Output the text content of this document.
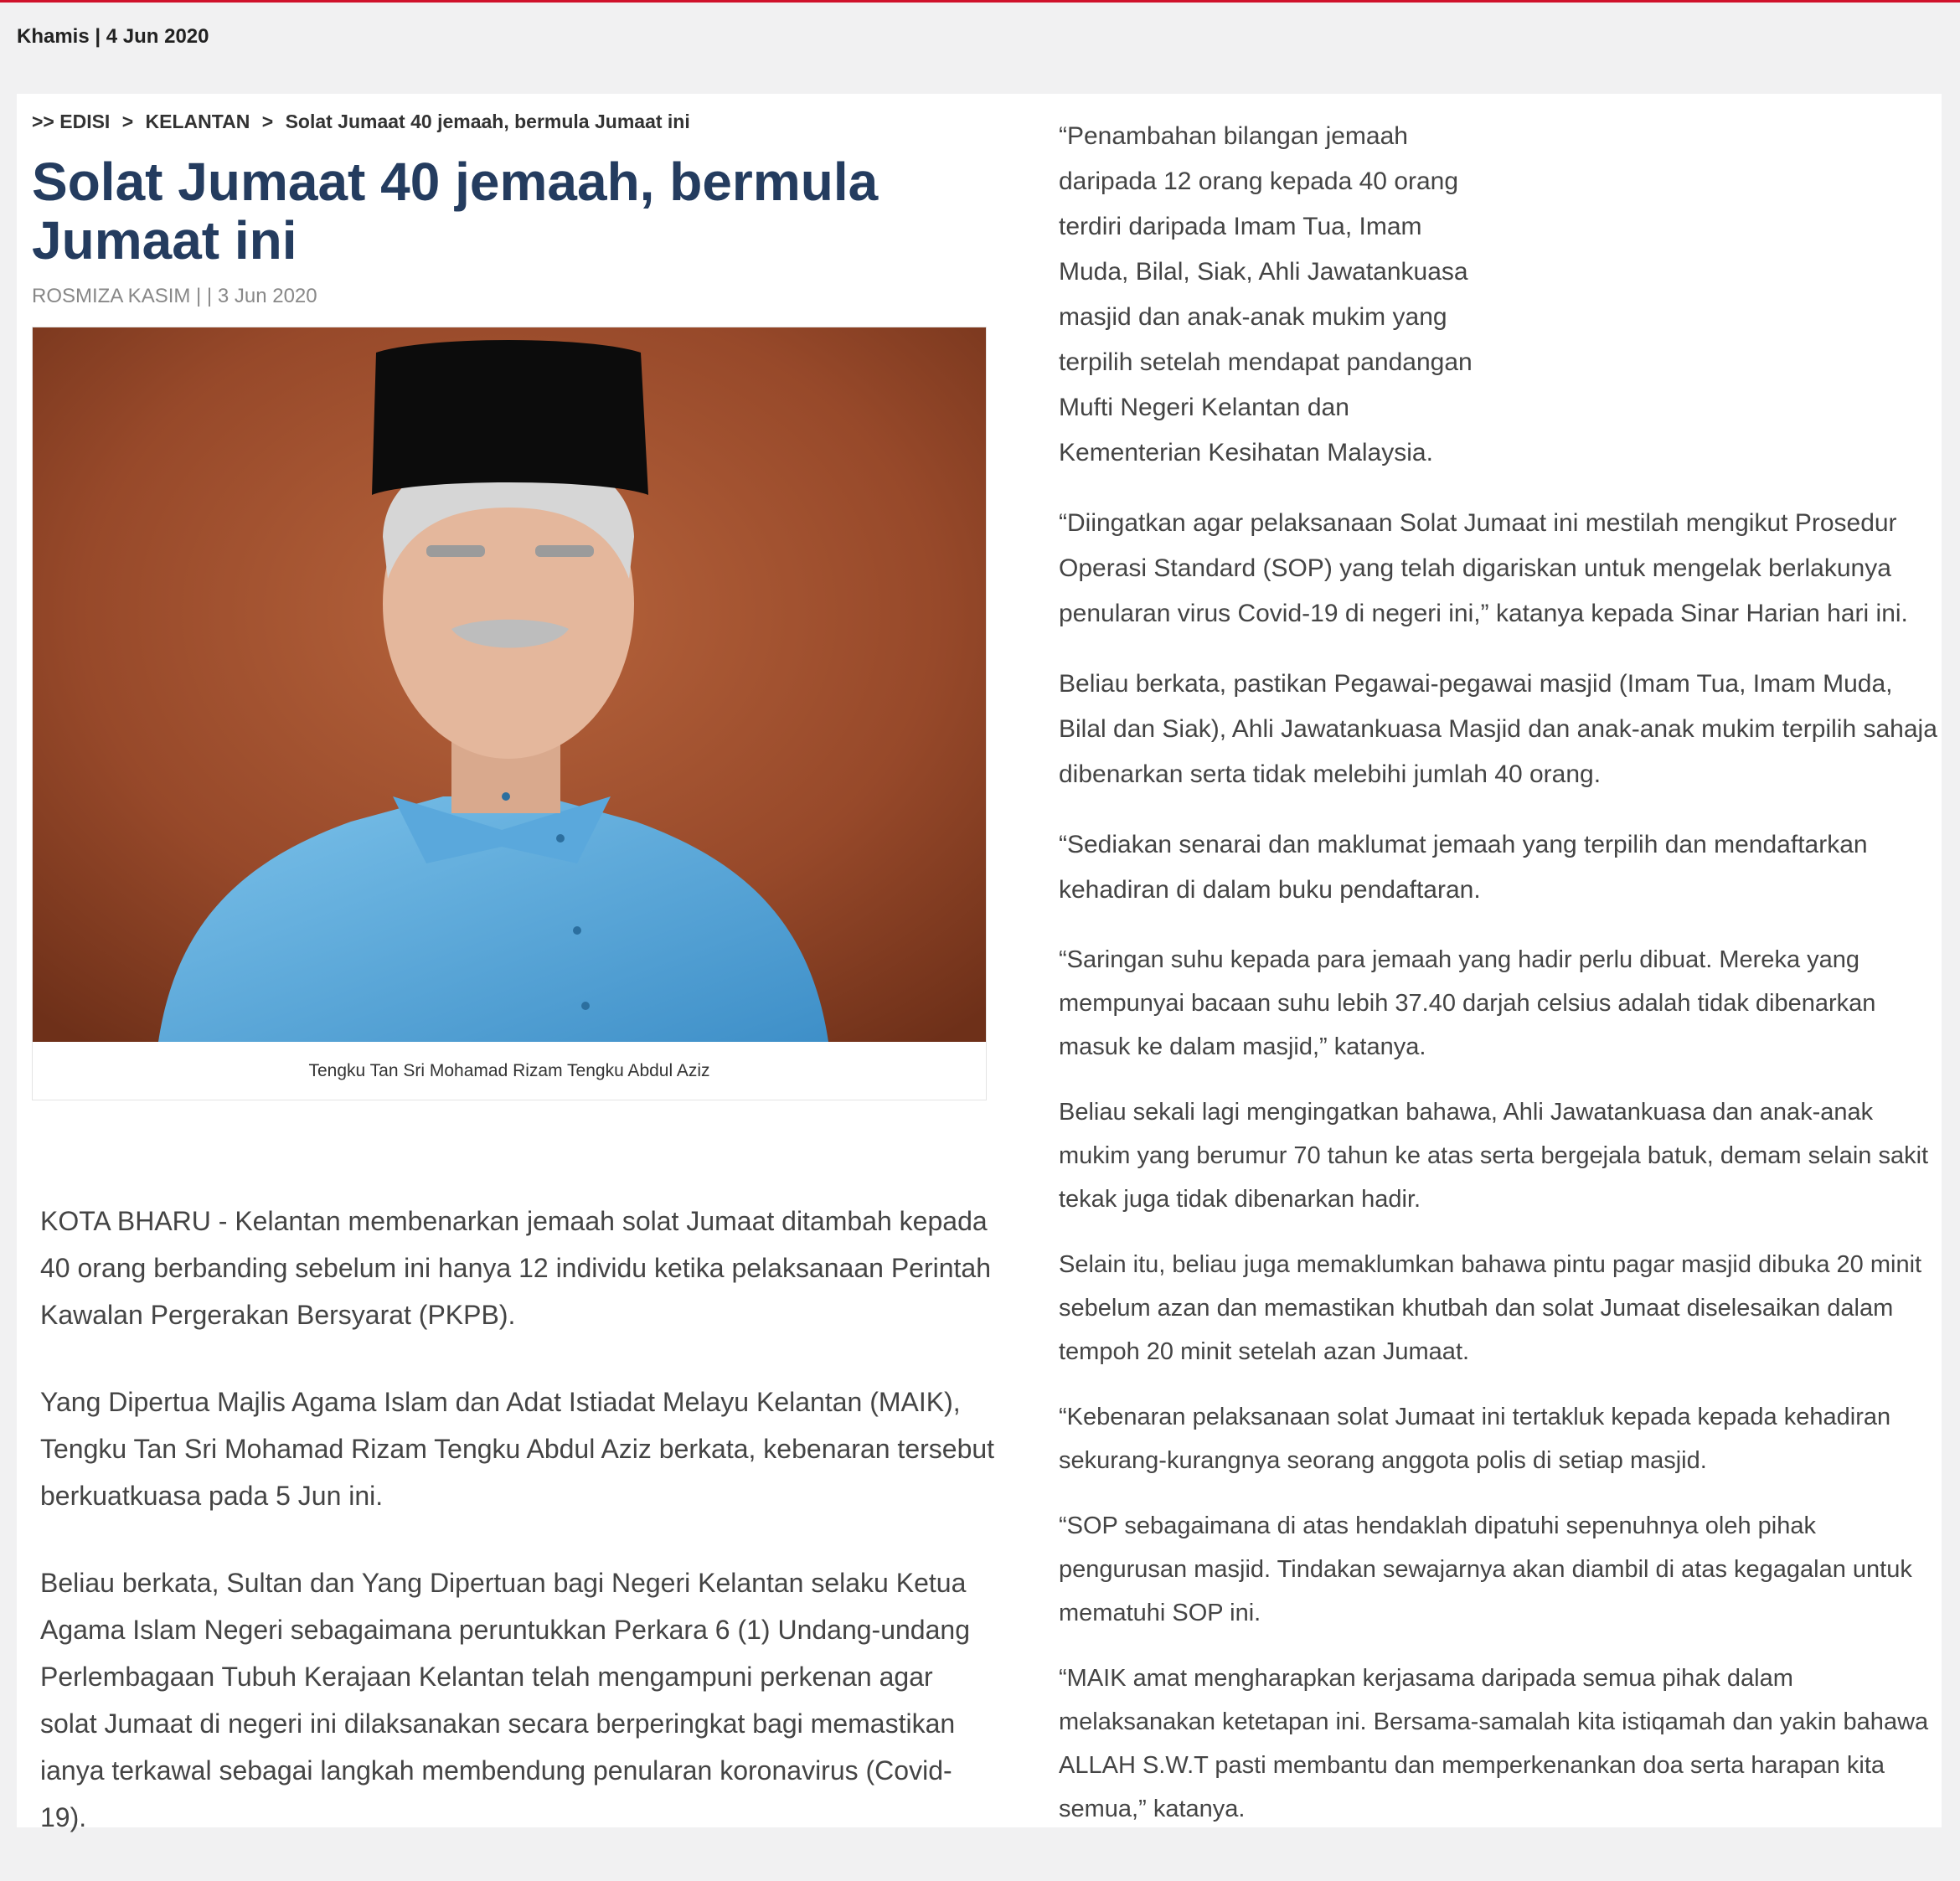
Khamis | 4 Jun 2020
>> EDISI > KELANTAN > Solat Jumaat 40 jemaah, bermula Jumaat ini
Solat Jumaat 40 jemaah, bermula Jumaat ini
ROSMIZA KASIM | | 3 Jun 2020
Tengku Tan Sri Mohamad Rizam Tengku Abdul Aziz

KOTA BHARU - Kelantan membenarkan jemaah solat Jumaat ditambah kepada 40 orang berbanding sebelum ini hanya 12 individu ketika pelaksanaan Perintah Kawalan Pergerakan Bersyarat (PKPB).

Yang Dipertua Majlis Agama Islam dan Adat Istiadat Melayu Kelantan (MAIK), Tengku Tan Sri Mohamad Rizam Tengku Abdul Aziz berkata, kebenaran tersebut berkuatkuasa pada 5 Jun ini.

Beliau berkata, Sultan dan Yang Dipertuan bagi Negeri Kelantan selaku Ketua Agama Islam Negeri sebagaimana peruntukkan Perkara 6 (1) Undang-undang Perlembagaan Tubuh Kerajaan Kelantan telah mengampuni perkenan agar solat Jumaat di negeri ini dilaksanakan secara berperingkat bagi memastikan ianya terkawal sebagai langkah membendung penularan koronavirus (Covid-19).

“Penambahan bilangan jemaah daripada 12 orang kepada 40 orang terdiri daripada Imam Tua, Imam Muda, Bilal, Siak, Ahli Jawatankuasa masjid dan anak-anak mukim yang terpilih setelah mendapat pandangan Mufti Negeri Kelantan dan Kementerian Kesihatan Malaysia.

“Diingatkan agar pelaksanaan Solat Jumaat ini mestilah mengikut Prosedur Operasi Standard (SOP) yang telah digariskan untuk mengelak berlakunya penularan virus Covid-19 di negeri ini,” katanya kepada Sinar Harian hari ini.

Beliau berkata, pastikan Pegawai-pegawai masjid (Imam Tua, Imam Muda, Bilal dan Siak), Ahli Jawatankuasa Masjid dan anak-anak mukim terpilih sahaja dibenarkan serta tidak melebihi jumlah 40 orang.

“Sediakan senarai dan maklumat jemaah yang terpilih dan mendaftarkan kehadiran di dalam buku pendaftaran.

“Saringan suhu kepada para jemaah yang hadir perlu dibuat. Mereka yang mempunyai bacaan suhu lebih 37.40 darjah celsius adalah tidak dibenarkan masuk ke dalam masjid,” katanya.

Beliau sekali lagi mengingatkan bahawa, Ahli Jawatankuasa dan anak-anak mukim yang berumur 70 tahun ke atas serta bergejala batuk, demam selain sakit tekak juga tidak dibenarkan hadir.

Selain itu, beliau juga memaklumkan bahawa pintu pagar masjid dibuka 20 minit sebelum azan dan memastikan khutbah dan solat Jumaat diselesaikan dalam tempoh 20 minit setelah azan Jumaat.

“Kebenaran pelaksanaan solat Jumaat ini tertakluk kepada kepada kehadiran sekurang-kurangnya seorang anggota polis di setiap masjid.

“SOP sebagaimana di atas hendaklah dipatuhi sepenuhnya oleh pihak pengurusan masjid. Tindakan sewajarnya akan diambil di atas kegagalan untuk mematuhi SOP ini.

“MAIK amat mengharapkan kerjasama daripada semua pihak dalam melaksanakan ketetapan ini. Bersama-samalah kita istiqamah dan yakin bahawa ALLAH S.W.T pasti membantu dan memperkenankan doa serta harapan kita semua,” katanya.
